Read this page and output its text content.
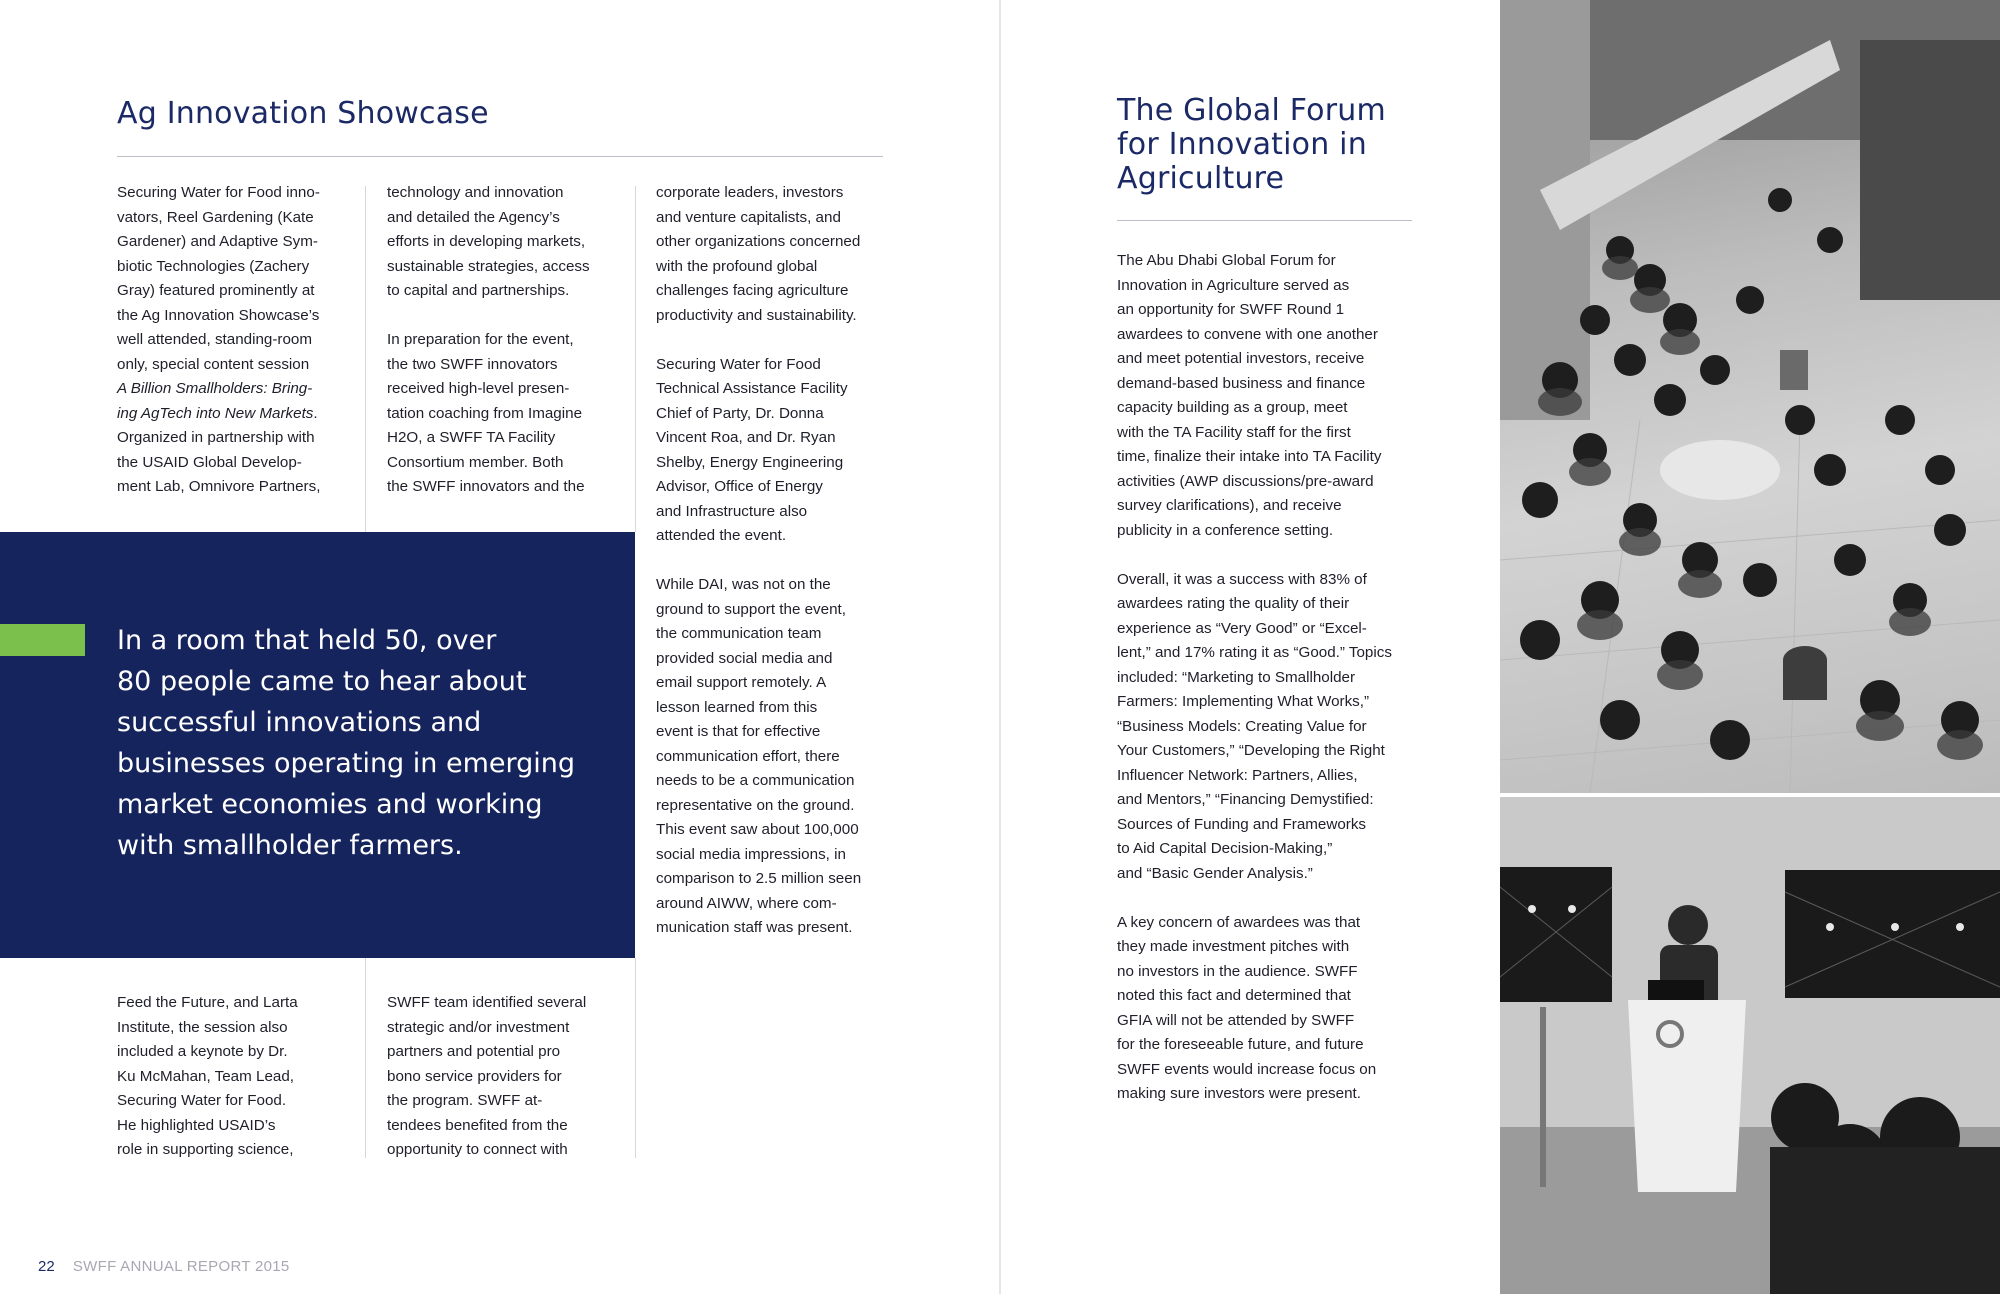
Ag Innovation Showcase

Securing Water for Food inno-
vators, Reel Gardening (Kate
Gardener) and Adaptive Sym-
biotic Technologies (Zachery
Gray) featured prominently at
the Ag Innovation Showcase’s
well attended, standing-room
only, special content session
A Billion Smallholders: Bring-
ing AgTech into New Markets.
Organized in partnership with
the USAID Global Develop-
ment Lab, Omnivore Partners,

technology and innovation
and detailed the Agency’s
efforts in developing markets,
sustainable strategies, access
to capital and partnerships.

In preparation for the event,
the two SWFF innovators
received high-level presen-
tation coaching from Imagine
H2O, a SWFF TA Facility
Consortium member. Both
the SWFF innovators and the

corporate leaders, investors
and venture capitalists, and
other organizations concerned
with the profound global
challenges facing agriculture
productivity and sustainability.

Securing Water for Food
Technical Assistance Facility
Chief of Party, Dr. Donna
Vincent Roa, and Dr. Ryan
Shelby, Energy Engineering
Advisor, Office of Energy
and Infrastructure also
attended the event.

While DAI, was not on the
ground to support the event,
the communication team
provided social media and
email support remotely. A
lesson learned from this
event is that for effective
communication effort, there
needs to be a communication
representative on the ground.
This event saw about 100,000
social media impressions, in
comparison to 2.5 million seen
around AIWW, where com-
munication staff was present.

In a room that held 50, over
80 people came to hear about
successful innovations and
businesses operating in emerging
market economies and working
with smallholder farmers.

Feed the Future, and Larta
Institute, the session also
included a keynote by Dr.
Ku McMahan, Team Lead,
Securing Water for Food.
He highlighted USAID’s
role in supporting science,

SWFF team identified several
strategic and/or investment
partners and potential pro
bono service providers for
the program. SWFF at-
tendees benefited from the
opportunity to connect with

22 SWFF ANNUAL REPORT 2015
The Global Forum
for Innovation in
Agriculture

The Abu Dhabi Global Forum for
Innovation in Agriculture served as
an opportunity for SWFF Round 1
awardees to convene with one another
and meet potential investors, receive
demand-based business and finance
capacity building as a group, meet
with the TA Facility staff for the first
time, finalize their intake into TA Facility
activities (AWP discussions/pre-award
survey clarifications), and receive
publicity in a conference setting.

Overall, it was a success with 83% of
awardees rating the quality of their
experience as “Very Good” or “Excel-
lent,” and 17% rating it as “Good.” Topics
included: “Marketing to Smallholder
Farmers: Implementing What Works,”
“Business Models: Creating Value for
Your Customers,” “Developing the Right
Influencer Network: Partners, Allies,
and Mentors,” “Financing Demystified:
Sources of Funding and Frameworks
to Aid Capital Decision-Making,”
and “Basic Gender Analysis.”

A key concern of awardees was that
they made investment pitches with
no investors in the audience. SWFF
noted this fact and determined that
GFIA will not be attended by SWFF
for the foreseeable future, and future
SWFF events would increase focus on
making sure investors were present.
